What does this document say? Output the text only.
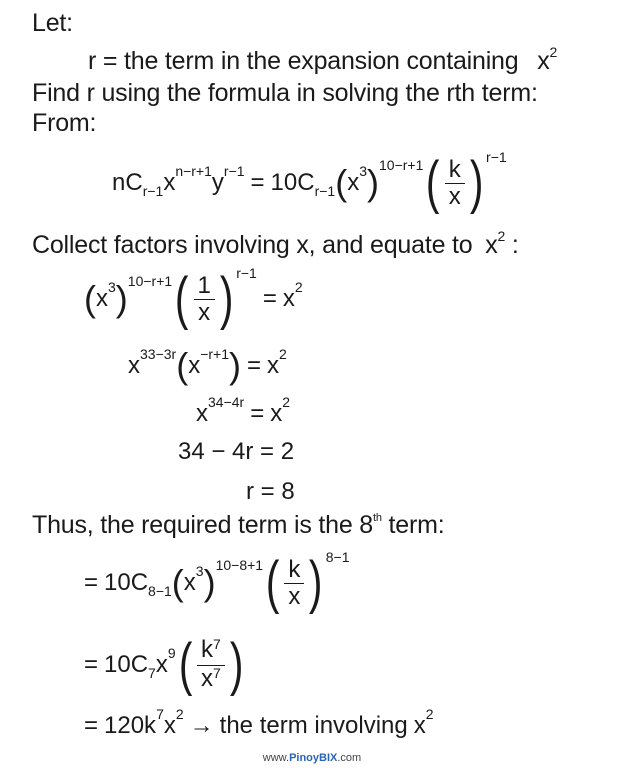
Let:
r = the term in the expansion containing $x^2$
Find r using the formula in solving the rth term:
From:
nC r−1 x n−r+1 y r−1 = 10C r−1 ( x 3 ) 10−r+1 ( $\frac{k}{x}$ ) r−1
Collect factors involving x, and equate to $x^2$ :
( x 3 ) 10−r+1 ( $\frac{1}{x}$ ) r−1
= x 2
x 33−3r ( x −r+1 ) = x 2
x 34−4r = x 2
34 − 4r = 2
r = 8
Thus, the required term is the 8th term:
= 10C 8−1 ( x 3 ) 10−8+1 ( $\frac{k}{x}$ ) 8−1
= 10C 7 x 9 ( $\frac{k^7}{x^7}$ )
= 120k 7 x 2 → the term involving x 2
www.PinoyBIX.com
